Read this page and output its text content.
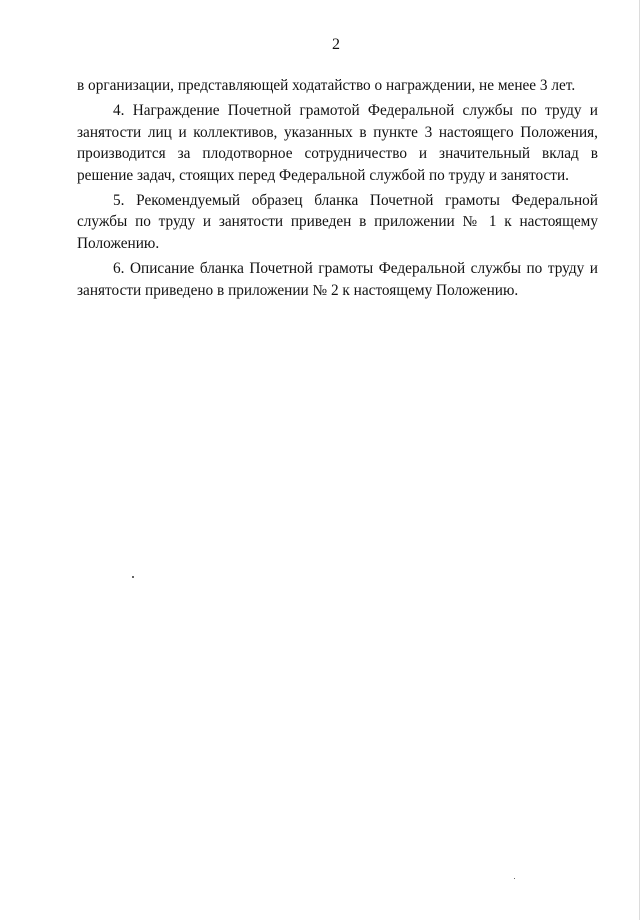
2

в организации, представляющей ходатайство о награждении, не менее 3 лет.

4. Награждение Почетной грамотой Федеральной службы по труду и занятости лиц и коллективов, указанных в пункте 3 настоящего Положения, производится за плодотворное сотрудничество и значительный вклад в решение задач, стоящих перед Федеральной службой по труду и занятости.

5. Рекомендуемый образец бланка Почетной грамоты Федеральной службы по труду и занятости приведен в приложении № 1 к настоящему Положению.

6. Описание бланка Почетной грамоты Федеральной службы по труду и занятости приведено в приложении № 2 к настоящему Положению.
